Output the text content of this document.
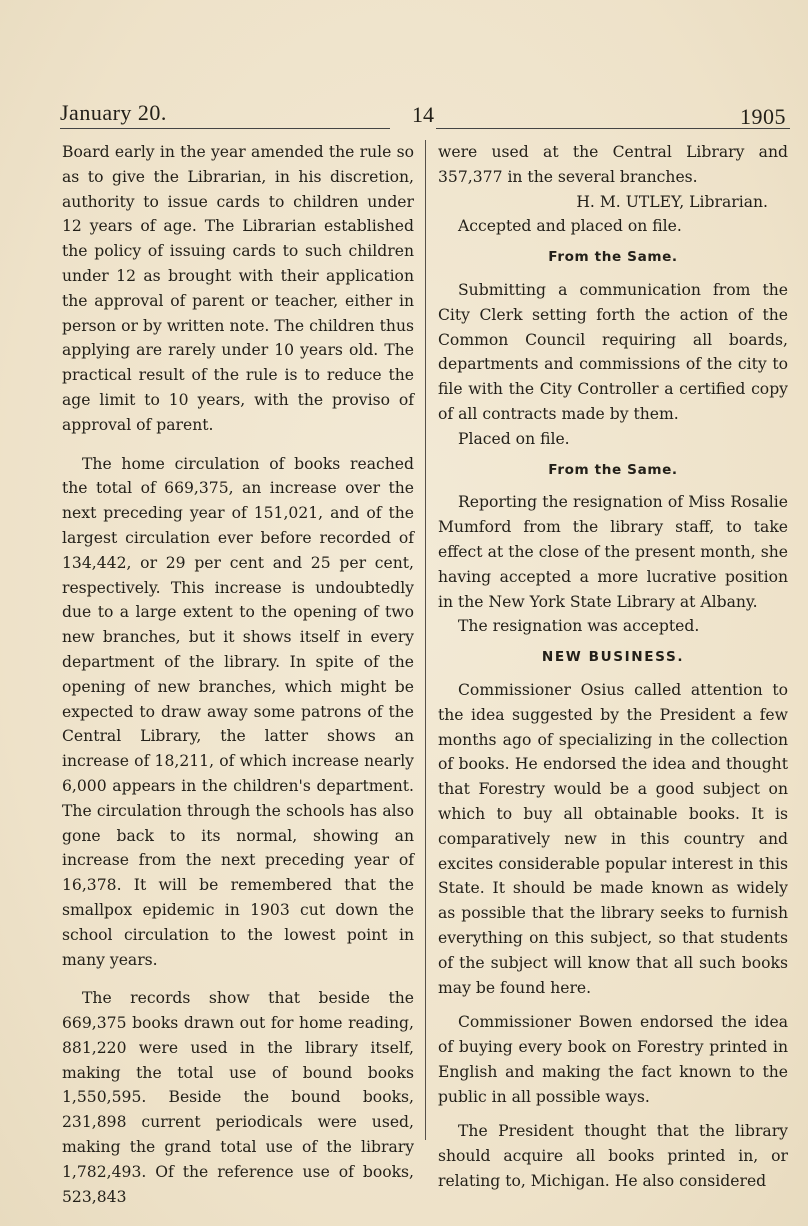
January 20.	14	1905

Board early in the year amended the rule so as to give the Librarian, in his discretion, authority to issue cards to children under 12 years of age. The Librarian established the policy of issuing cards to such children under 12 as brought with their application the approval of parent or teacher, either in person or by written note. The children thus applying are rarely under 10 years old. The practical result of the rule is to reduce the age limit to 10 years, with the proviso of approval of parent.

The home circulation of books reached the total of 669,375, an increase over the next preceding year of 151,021, and of the largest circulation ever before recorded of 134,442, or 29 per cent and 25 per cent, respectively. This increase is undoubtedly due to a large extent to the opening of two new branches, but it shows itself in every department of the library. In spite of the opening of new branches, which might be expected to draw away some patrons of the Central Library, the latter shows an increase of 18,211, of which increase nearly 6,000 appears in the children's department. The circulation through the schools has also gone back to its normal, showing an increase from the next preceding year of 16,378. It will be remembered that the smallpox epidemic in 1903 cut down the school circulation to the lowest point in many years.

The records show that beside the 669,375 books drawn out for home reading, 881,220 were used in the library itself, making the total use of bound books 1,550,595. Beside the bound books, 231,898 current periodicals were used, making the grand total use of the library 1,782,493. Of the reference use of books, 523,843

were used at the Central Library and 357,377 in the several branches.

H. M. UTLEY, Librarian.

Accepted and placed on file.

From the Same.

Submitting a communication from the City Clerk setting forth the action of the Common Council requiring all boards, departments and commissions of the city to file with the City Controller a certified copy of all contracts made by them.

Placed on file.

From the Same.

Reporting the resignation of Miss Rosalie Mumford from the library staff, to take effect at the close of the present month, she having accepted a more lucrative position in the New York State Library at Albany.

The resignation was accepted.

NEW BUSINESS.

Commissioner Osius called attention to the idea suggested by the President a few months ago of specializing in the collection of books. He endorsed the idea and thought that Forestry would be a good subject on which to buy all obtainable books. It is comparatively new in this country and excites considerable popular interest in this State. It should be made known as widely as possible that the library seeks to furnish everything on this subject, so that students of the subject will know that all such books may be found here.

Commissioner Bowen endorsed the idea of buying every book on Forestry printed in English and making the fact known to the public in all possible ways.

The President thought that the library should acquire all books printed in, or relating to, Michigan. He also considered
